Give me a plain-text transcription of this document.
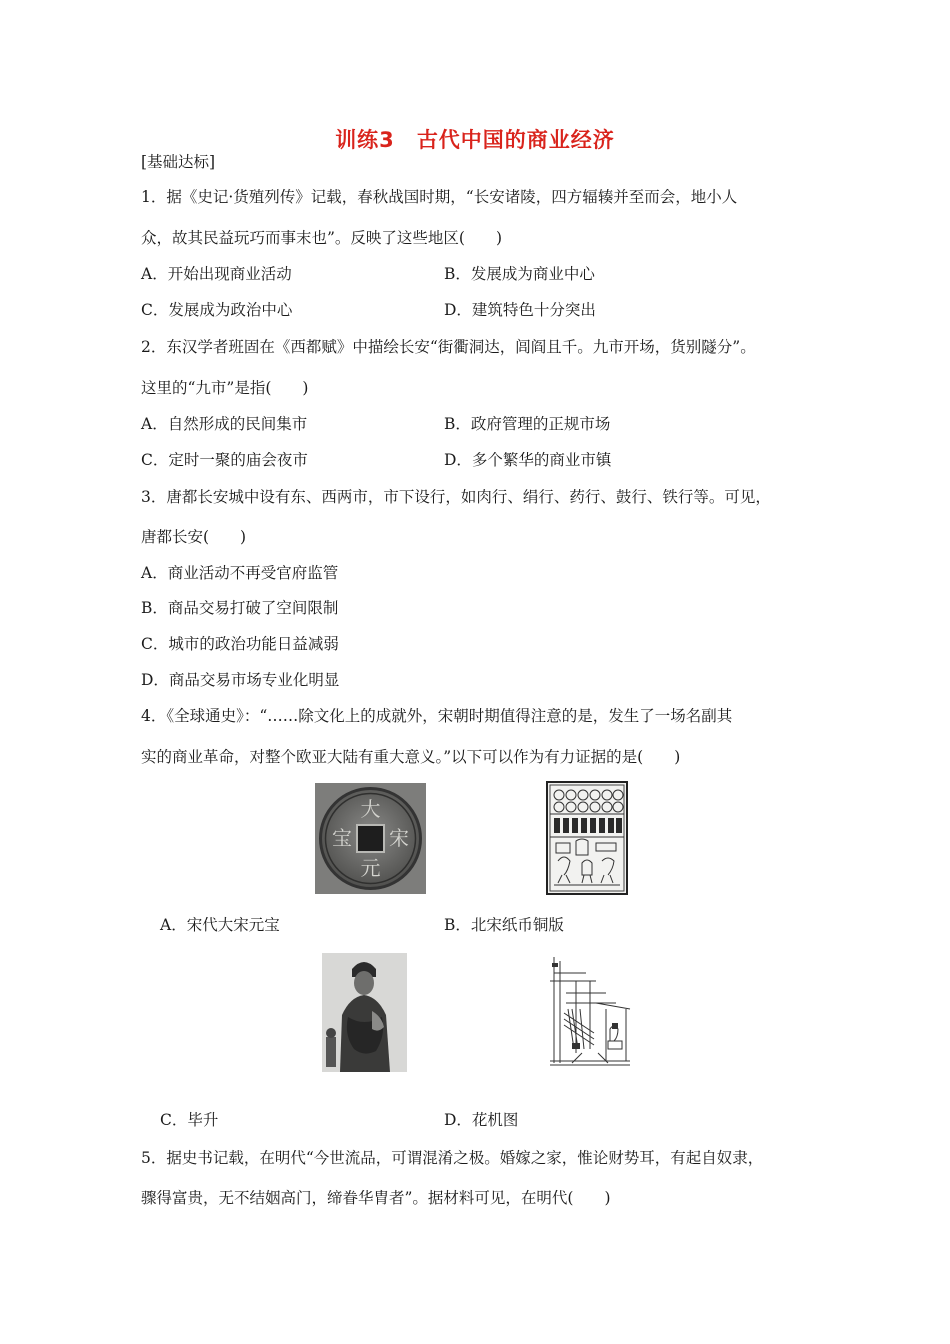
训练3 古代中国的商业经济
[基础达标]
1．据《史记·货殖列传》记载，春秋战国时期，“长安诸陵，四方辐辏并至而会，地小人
众，故其民益玩巧而事末也”。反映了这些地区(　　)
A．开始出现商业活动	B．发展成为商业中心
C．发展成为政治中心	D．建筑特色十分突出
2．东汉学者班固在《西都赋》中描绘长安“街衢洞达，闾阎且千。九市开场，货别隧分”。
这里的“九市”是指(　　)
A．自然形成的民间集市	B．政府管理的正规市场
C．定时一聚的庙会夜市	D．多个繁华的商业市镇
3．唐都长安城中设有东、西两市，市下设行，如肉行、绢行、药行、鼓行、铁行等。可见，
唐都长安(　　)
A．商业活动不再受官府监管
B．商品交易打破了空间限制
C．城市的政治功能日益减弱
D．商品交易市场专业化明显
4．《全球通史》：“……除文化上的成就外，宋朝时期值得注意的是，发生了一场名副其
实的商业革命，对整个欧亚大陆有重大意义。”以下可以作为有力证据的是(　　)
大
宋
元
宝
A．宋代大宋元宝	B．北宋纸币铜版
C．毕升	D．花机图
5．据史书记载，在明代“今世流品，可谓混淆之极。婚嫁之家，惟论财势耳，有起自奴隶，
骤得富贵，无不结姻高门，缔眷华胄者”。据材料可见，在明代(　　)
